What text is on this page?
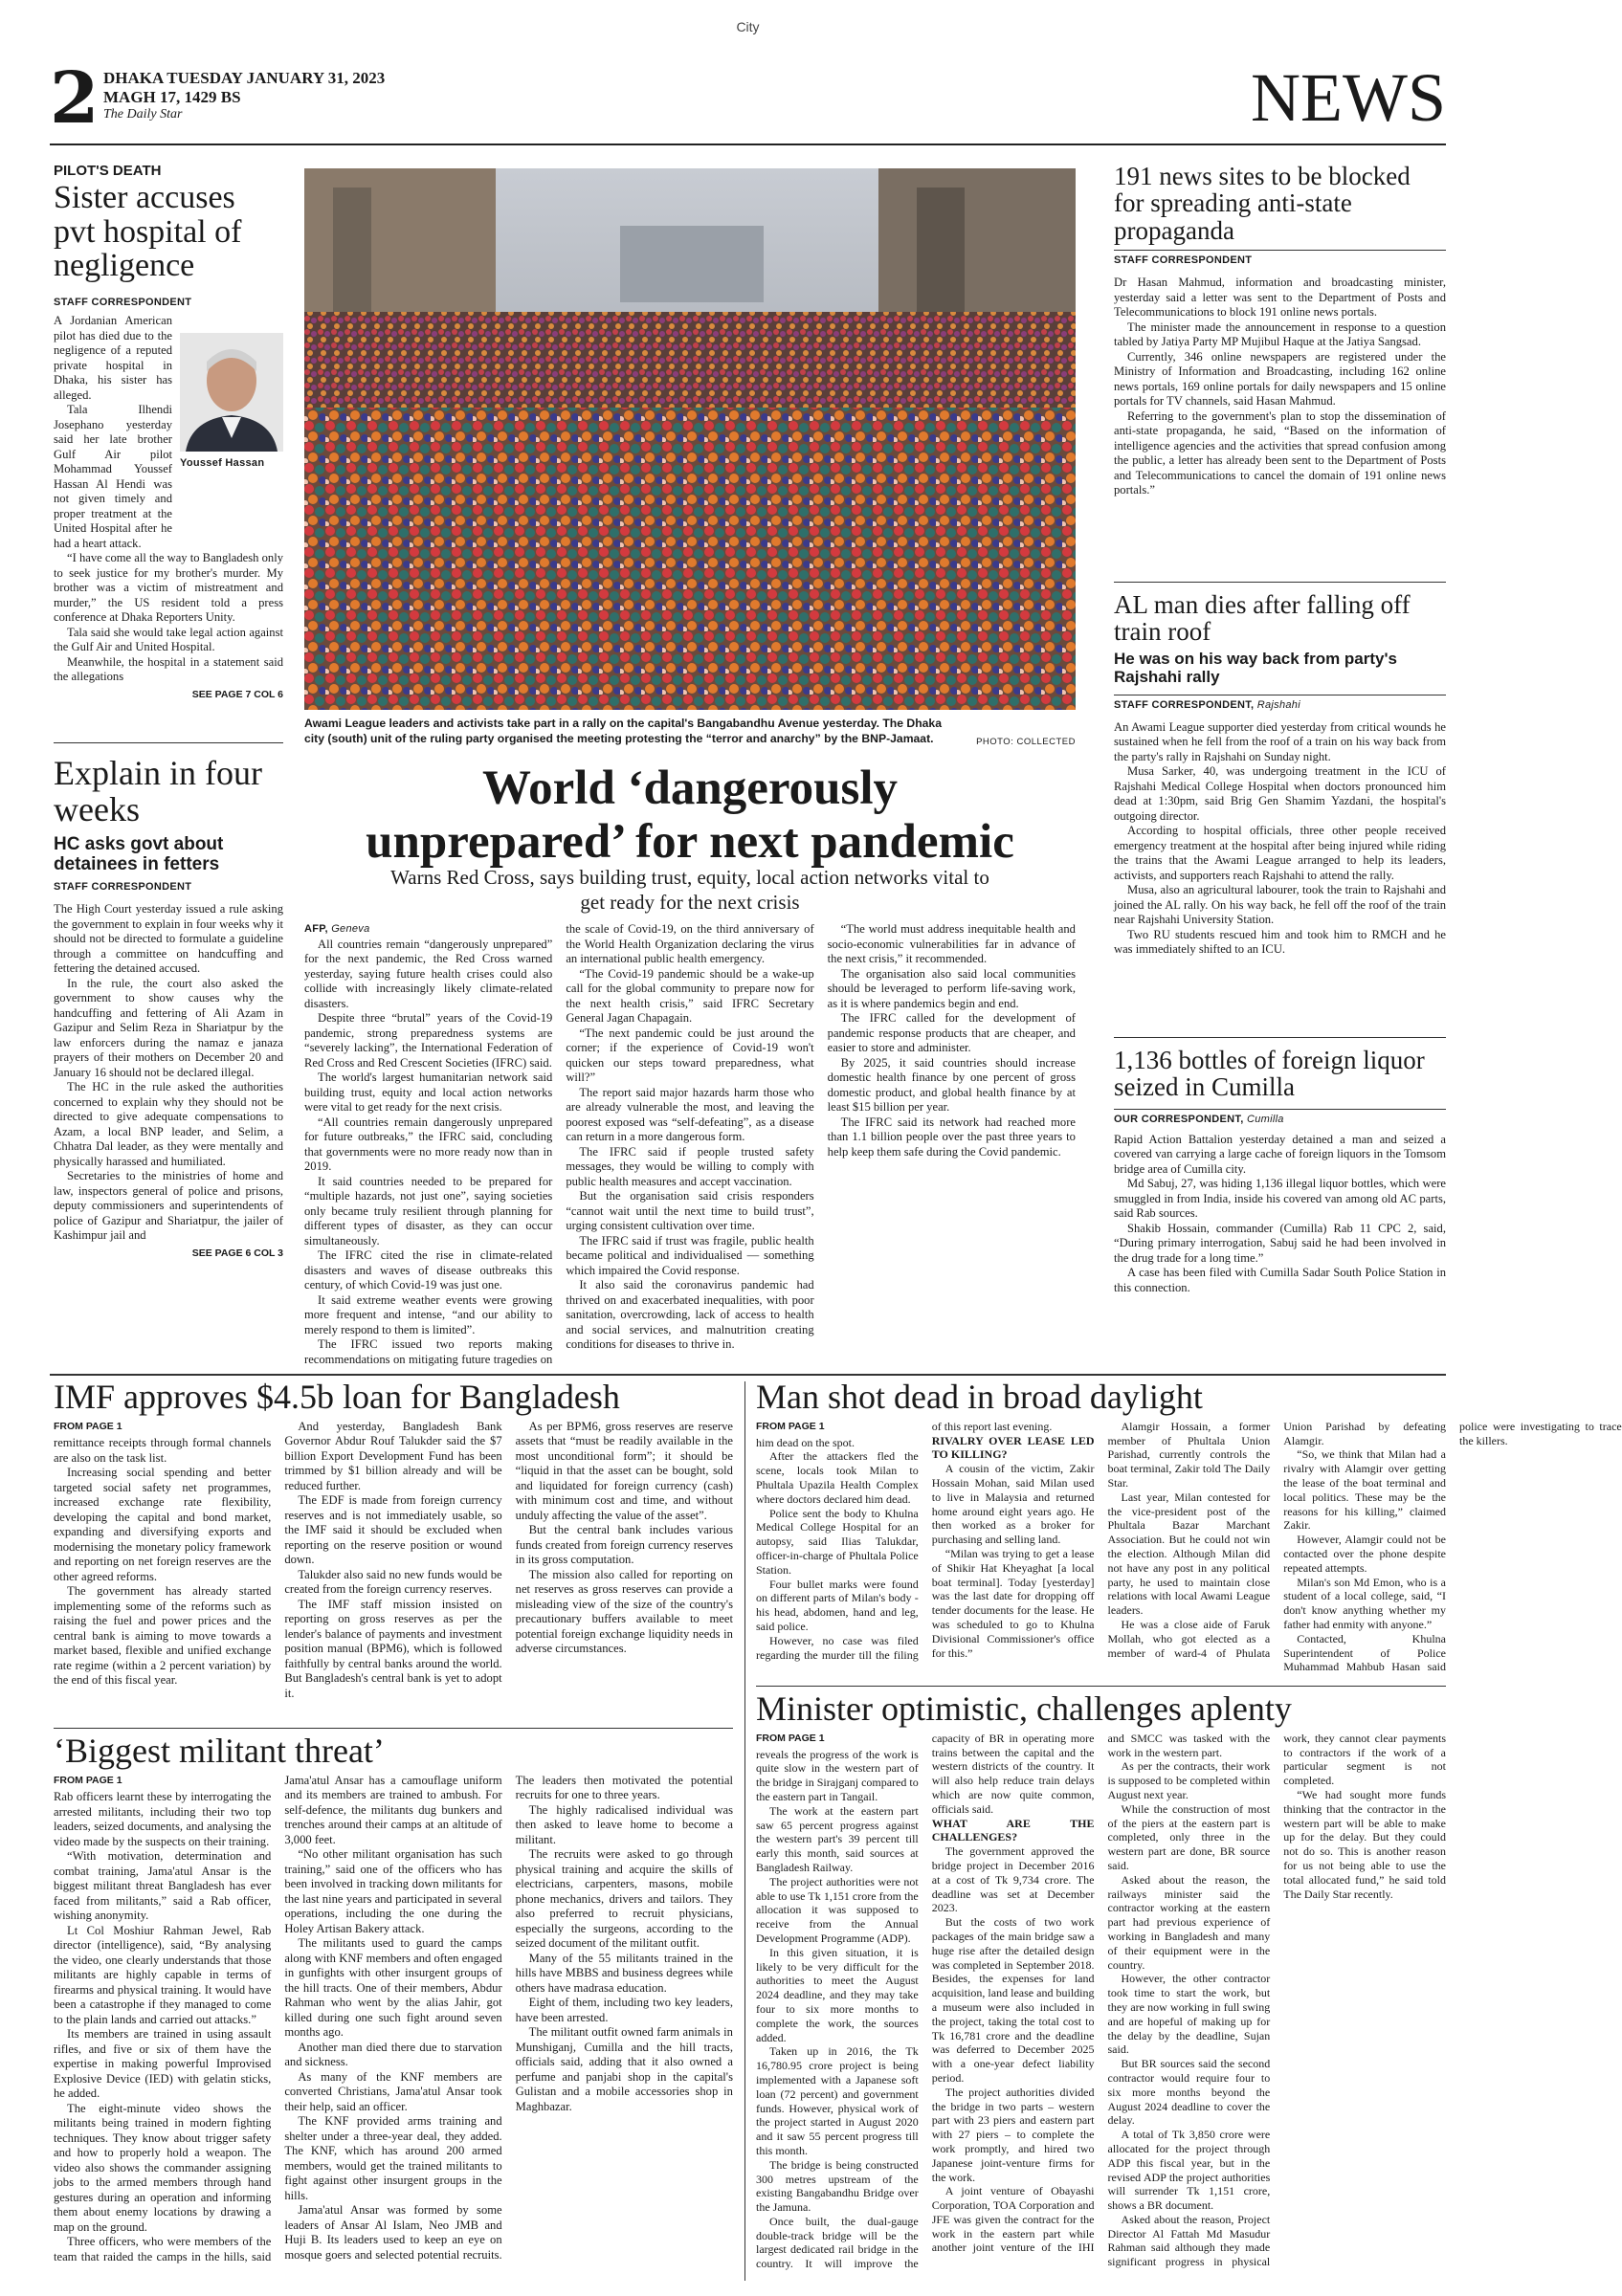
City
2 DHAKA TUESDAY JANUARY 31, 2023
MAGH 17, 1429 BS
The Daily Star	NEWS
PILOT'S DEATH
Sister accuses pvt hospital of negligence
STAFF CORRESPONDENT
Youssef Hassan

A Jordanian American pilot has died due to the negligence of a reputed private hospital in Dhaka, his sister has alleged.

Tala Ilhendi Josephano yesterday said her late brother Gulf Air pilot Mohammad Youssef Hassan Al Hendi was not given timely and proper treatment at the United Hospital after he had a heart attack.

“I have come all the way to Bangladesh only to seek justice for my brother's murder. My brother was a victim of mistreatment and murder,” the US resident told a press conference at Dhaka Reporters Unity.

Tala said she would take legal action against the Gulf Air and United Hospital.

Meanwhile, the hospital in a statement said the allegations

SEE PAGE 7 COL 6
Explain in four weeks
HC asks govt about detainees in fetters
STAFF CORRESPONDENT

The High Court yesterday issued a rule asking the government to explain in four weeks why it should not be directed to formulate a guideline through a committee on handcuffing and fettering the detained accused.

In the rule, the court also asked the government to show causes why the handcuffing and fettering of Ali Azam in Gazipur and Selim Reza in Shariatpur by the law enforcers during the namaz e janaza prayers of their mothers on December 20 and January 16 should not be declared illegal.

The HC in the rule asked the authorities concerned to explain why they should not be directed to give adequate compensations to Azam, a local BNP leader, and Selim, a Chhatra Dal leader, as they were mentally and physically harassed and humiliated.

Secretaries to the ministries of home and law, inspectors general of police and prisons, deputy commissioners and superintendents of police of Gazipur and Shariatpur, the jailer of Kashimpur jail and

SEE PAGE 6 COL 3
Awami League leaders and activists take part in a rally on the capital's Bangabandhu Avenue yesterday. The Dhaka city (south) unit of the ruling party organised the meeting protesting the “terror and anarchy” by the BNP-Jamaat.	PHOTO: COLLECTED
World ‘dangerously unprepared’ for next pandemic
Warns Red Cross, says building trust, equity, local action networks vital to get ready for the next crisis
AFP, Geneva

All countries remain “dangerously unprepared” for the next pandemic, the Red Cross warned yesterday, saying future health crises could also collide with increasingly likely climate-related disasters.

Despite three “brutal” years of the Covid-19 pandemic, strong preparedness systems are “severely lacking”, the International Federation of Red Cross and Red Crescent Societies (IFRC) said.

The world's largest humanitarian network said building trust, equity and local action networks were vital to get ready for the next crisis.

“All countries remain dangerously unprepared for future outbreaks,” the IFRC said, concluding that governments were no more ready now than in 2019.

It said countries needed to be prepared for “multiple hazards, not just one”, saying societies only became truly resilient through planning for different types of disaster, as they can occur simultaneously.

The IFRC cited the rise in climate-related disasters and waves of disease outbreaks this century, of which Covid-19 was just one.

It said extreme weather events were growing more frequent and intense, “and our ability to merely respond to them is limited”.

The IFRC issued two reports making recommendations on mitigating future tragedies on the scale of Covid-19, on the third anniversary of the World Health Organization declaring the virus an international public health emergency.

“The Covid-19 pandemic should be a wake-up call for the global community to prepare now for the next health crisis,” said IFRC Secretary General Jagan Chapagain.

“The next pandemic could be just around the corner; if the experience of Covid-19 won't quicken our steps toward preparedness, what will?”

The report said major hazards harm those who are already vulnerable the most, and leaving the poorest exposed was “self-defeating”, as a disease can return in a more dangerous form.

The IFRC said if people trusted safety messages, they would be willing to comply with public health measures and accept vaccination.

But the organisation said crisis responders “cannot wait until the next time to build trust”, urging consistent cultivation over time.

The IFRC said if trust was fragile, public health became political and individualised — something which impaired the Covid response.

It also said the coronavirus pandemic had thrived on and exacerbated inequalities, with poor sanitation, overcrowding, lack of access to health and social services, and malnutrition creating conditions for diseases to thrive in.

“The world must address inequitable health and socio-economic vulnerabilities far in advance of the next crisis,” it recommended.

The organisation also said local communities should be leveraged to perform life-saving work, as it is where pandemics begin and end.

The IFRC called for the development of pandemic response products that are cheaper, and easier to store and administer.

By 2025, it said countries should increase domestic health finance by one percent of gross domestic product, and global health finance by at least $15 billion per year.

The IFRC said its network had reached more than 1.1 billion people over the past three years to help keep them safe during the Covid pandemic.

191 news sites to be blocked for spreading anti-state propaganda
STAFF CORRESPONDENT

Dr Hasan Mahmud, information and broadcasting minister, yesterday said a letter was sent to the Department of Posts and Telecommunications to block 191 online news portals.

The minister made the announcement in response to a question tabled by Jatiya Party MP Mujibul Haque at the Jatiya Sangsad.

Currently, 346 online newspapers are registered under the Ministry of Information and Broadcasting, including 162 online news portals, 169 online portals for daily newspapers and 15 online portals for TV channels, said Hasan Mahmud.

Referring to the government's plan to stop the dissemination of anti-state propaganda, he said, “Based on the information of intelligence agencies and the activities that spread confusion among the public, a letter has already been sent to the Department of Posts and Telecommunications to cancel the domain of 191 online news portals.”

AL man dies after falling off train roof
He was on his way back from party's Rajshahi rally
STAFF CORRESPONDENT, Rajshahi

An Awami League supporter died yesterday from critical wounds he sustained when he fell from the roof of a train on his way back from the party's rally in Rajshahi on Sunday night.

Musa Sarker, 40, was undergoing treatment in the ICU of Rajshahi Medical College Hospital when doctors pronounced him dead at 1:30pm, said Brig Gen Shamim Yazdani, the hospital's outgoing director.

According to hospital officials, three other people received emergency treatment at the hospital after being injured while riding the trains that the Awami League arranged to help its leaders, activists, and supporters reach Rajshahi to attend the rally.

Musa, also an agricultural labourer, took the train to Rajshahi and joined the AL rally. On his way back, he fell off the roof of the train near Rajshahi University Station.

Two RU students rescued him and took him to RMCH and he was immediately shifted to an ICU.

1,136 bottles of foreign liquor seized in Cumilla
OUR CORRESPONDENT, Cumilla

Rapid Action Battalion yesterday detained a man and seized a covered van carrying a large cache of foreign liquors in the Tomsom bridge area of Cumilla city.

Md Sabuj, 27, was hiding 1,136 illegal liquor bottles, which were smuggled in from India, inside his covered van among old AC parts, said Rab sources.

Shakib Hossain, commander (Cumilla) Rab 11 CPC 2, said, “During primary interrogation, Sabuj said he had been involved in the drug trade for a long time.”

A case has been filed with Cumilla Sadar South Police Station in this connection.

IMF approves $4.5b loan for Bangladesh
FROM PAGE 1

remittance receipts through formal channels are also on the task list.

Increasing social spending and better targeted social safety net programmes, increased exchange rate flexibility, developing the capital and bond market, expanding and diversifying exports and modernising the monetary policy framework and reporting on net foreign reserves are the other agreed reforms.

The government has already started implementing some of the reforms such as raising the fuel and power prices and the central bank is aiming to move towards a market based, flexible and unified exchange rate regime (within a 2 percent variation) by the end of this fiscal year.

And yesterday, Bangladesh Bank Governor Abdur Rouf Talukder said the $7 billion Export Development Fund has been trimmed by $1 billion already and will be reduced further.

The EDF is made from foreign currency reserves and is not immediately usable, so the IMF said it should be excluded when reporting on the reserve position or wound down.

Talukder also said no new funds would be created from the foreign currency reserves.

The IMF staff mission insisted on reporting on gross reserves as per the lender's balance of payments and investment position manual (BPM6), which is followed faithfully by central banks around the world. But Bangladesh's central bank is yet to adopt it.

As per BPM6, gross reserves are reserve assets that “must be readily available in the most unconditional form”; it should be “liquid in that the asset can be bought, sold and liquidated for foreign currency (cash) with minimum cost and time, and without unduly affecting the value of the asset”.

But the central bank includes various funds created from foreign currency reserves in its gross computation.

The mission also called for reporting on net reserves as gross reserves can provide a misleading view of the size of the country's precautionary buffers available to meet potential foreign exchange liquidity needs in adverse circumstances.

‘Biggest militant threat’
FROM PAGE 1

Rab officers learnt these by interrogating the arrested militants, including their two top leaders, seized documents, and analysing the video made by the suspects on their training.

“With motivation, determination and combat training, Jama'atul Ansar is the biggest militant threat Bangladesh has ever faced from militants,” said a Rab officer, wishing anonymity.

Lt Col Moshiur Rahman Jewel, Rab director (intelligence), said, “By analysing the video, one clearly understands that those militants are highly capable in terms of firearms and physical training. It would have been a catastrophe if they managed to come to the plain lands and carried out attacks.”

Its members are trained in using assault rifles, and five or six of them have the expertise in making powerful Improvised Explosive Device (IED) with gelatin sticks, he added.

The eight-minute video shows the militants being trained in modern fighting techniques. They know about trigger safety and how to properly hold a weapon. The video also shows the commander assigning jobs to the armed members through hand gestures during an operation and informing them about enemy locations by drawing a map on the ground.

Three officers, who were members of the team that raided the camps in the hills, said Jama'atul Ansar has a camouflage uniform and its members are trained to ambush. For self-defence, the militants dug bunkers and trenches around their camps at an altitude of 3,000 feet.

“No other militant organisation has such training,” said one of the officers who has been involved in tracking down militants for the last nine years and participated in several operations, including the one during the Holey Artisan Bakery attack.

The militants used to guard the camps along with KNF members and often engaged in gunfights with other insurgent groups of the hill tracts. One of their members, Abdur Rahman who went by the alias Jahir, got killed during one such fight around seven months ago.

Another man died there due to starvation and sickness.

As many of the KNF members are converted Christians, Jama'atul Ansar took their help, said an officer.

The KNF provided arms training and shelter under a three-year deal, they added. The KNF, which has around 200 armed members, would get the trained militants to fight against other insurgent groups in the hills.

Jama'atul Ansar was formed by some leaders of Ansar Al Islam, Neo JMB and Huji B. Its leaders used to keep an eye on mosque goers and selected potential recruits. The leaders then motivated the potential recruits for one to three years.

The highly radicalised individual was then asked to leave home to become a militant.

The recruits were asked to go through physical training and acquire the skills of electricians, carpenters, masons, mobile phone mechanics, drivers and tailors. They also preferred to recruit physicians, especially the surgeons, according to the seized document of the militant outfit.

Many of the 55 militants trained in the hills have MBBS and business degrees while others have madrasa education.

Eight of them, including two key leaders, have been arrested.

The militant outfit owned farm animals in Munshiganj, Cumilla and the hill tracts, officials said, adding that it also owned a perfume and panjabi shop in the capital's Gulistan and a mobile accessories shop in Maghbazar.

Man shot dead in broad daylight
FROM PAGE 1

him dead on the spot.

After the attackers fled the scene, locals took Milan to Phultala Upazila Health Complex where doctors declared him dead.

Police sent the body to Khulna Medical College Hospital for an autopsy, said Ilias Talukdar, officer-in-charge of Phultala Police Station.

Four bullet marks were found on different parts of Milan's body - his head, abdomen, hand and leg, said police.

However, no case was filed regarding the murder till the filing of this report last evening.

RIVALRY OVER LEASE LED TO KILLING?

A cousin of the victim, Zakir Hossain Mohan, said Milan used to live in Malaysia and returned home around eight years ago. He then worked as a broker for purchasing and selling land.

“Milan was trying to get a lease of Shikir Hat Kheyaghat [a local boat terminal]. Today [yesterday] was the last date for dropping off tender documents for the lease. He was scheduled to go to Khulna Divisional Commissioner's office for this.”

Alamgir Hossain, a former member of Phultala Union Parishad, currently controls the boat terminal, Zakir told The Daily Star.

Last year, Milan contested for the vice-president post of the Phultala Bazar Marchant Association. But he could not win the election. Although Milan did not have any post in any political party, he used to maintain close relations with local Awami League leaders.

He was a close aide of Faruk Mollah, who got elected as a member of ward-4 of Phulata Union Parishad by defeating Alamgir.

“So, we think that Milan had a rivalry with Alamgir over getting the lease of the boat terminal and local politics. These may be the reasons for his killing,” claimed Zakir.

However, Alamgir could not be contacted over the phone despite repeated attempts.

Milan's son Md Emon, who is a student of a local college, said, “I don't know anything whether my father had enmity with anyone.”

Contacted, Khulna Superintendent of Police Muhammad Mahbub Hasan said police were investigating to trace the killers.

Minister optimistic, challenges aplenty
FROM PAGE 1

reveals the progress of the work is quite slow in the western part of the bridge in Sirajganj compared to the eastern part in Tangail.

The work at the eastern part saw 65 percent progress against the western part's 39 percent till early this month, said sources at Bangladesh Railway.

The project authorities were not able to use Tk 1,151 crore from the allocation it was supposed to receive from the Annual Development Programme (ADP).

In this given situation, it is likely to be very difficult for the authorities to meet the August 2024 deadline, and they may take four to six more months to complete the work, the sources added.

Taken up in 2016, the Tk 16,780.95 crore project is being implemented with a Japanese soft loan (72 percent) and government funds. However, physical work of the project started in August 2020 and it saw 55 percent progress till this month.

The bridge is being constructed 300 metres upstream of the existing Bangabandhu Bridge over the Jamuna.

Once built, the dual-gauge double-track bridge will be the largest dedicated rail bridge in the country. It will improve the capacity of BR in operating more trains between the capital and the western districts of the country. It will also help reduce train delays which are now quite common, officials said.

WHAT ARE THE CHALLENGES?

The government approved the bridge project in December 2016 at a cost of Tk 9,734 crore. The deadline was set at December 2023.

But the costs of two work packages of the main bridge saw a huge rise after the detailed design was completed in September 2018. Besides, the expenses for land acquisition, land lease and building a museum were also included in the project, taking the total cost to Tk 16,781 crore and the deadline was deferred to December 2025 with a one-year defect liability period.

The project authorities divided the bridge in two parts – western part with 23 piers and eastern part with 27 piers – to complete the work promptly, and hired two Japanese joint-venture firms for the work.

A joint venture of Obayashi Corporation, TOA Corporation and JFE was given the contract for the work in the eastern part while another joint venture of the IHI and SMCC was tasked with the work in the western part.

As per the contracts, their work is supposed to be completed within August next year.

While the construction of most of the piers at the eastern part is completed, only three in the western part are done, BR source said.

Asked about the reason, the railways minister said the contractor working at the eastern part had previous experience of working in Bangladesh and many of their equipment were in the country.

However, the other contractor took time to start the work, but they are now working in full swing and are hopeful of making up for the delay by the deadline, Sujan said.

But BR sources said the second contractor would require four to six more months beyond the August 2024 deadline to cover the delay.

A total of Tk 3,850 crore were allocated for the project through ADP this fiscal year, but in the revised ADP the project authorities will surrender Tk 1,151 crore, shows a BR document.

Asked about the reason, Project Director Al Fattah Md Masudur Rahman said although they made significant progress in physical work, they cannot clear payments to contractors if the work of a particular segment is not completed.

“We had sought more funds thinking that the contractor in the western part will be able to make up for the delay. But they could not do so. This is another reason for us not being able to use the total allocated fund,” he said told The Daily Star recently.
